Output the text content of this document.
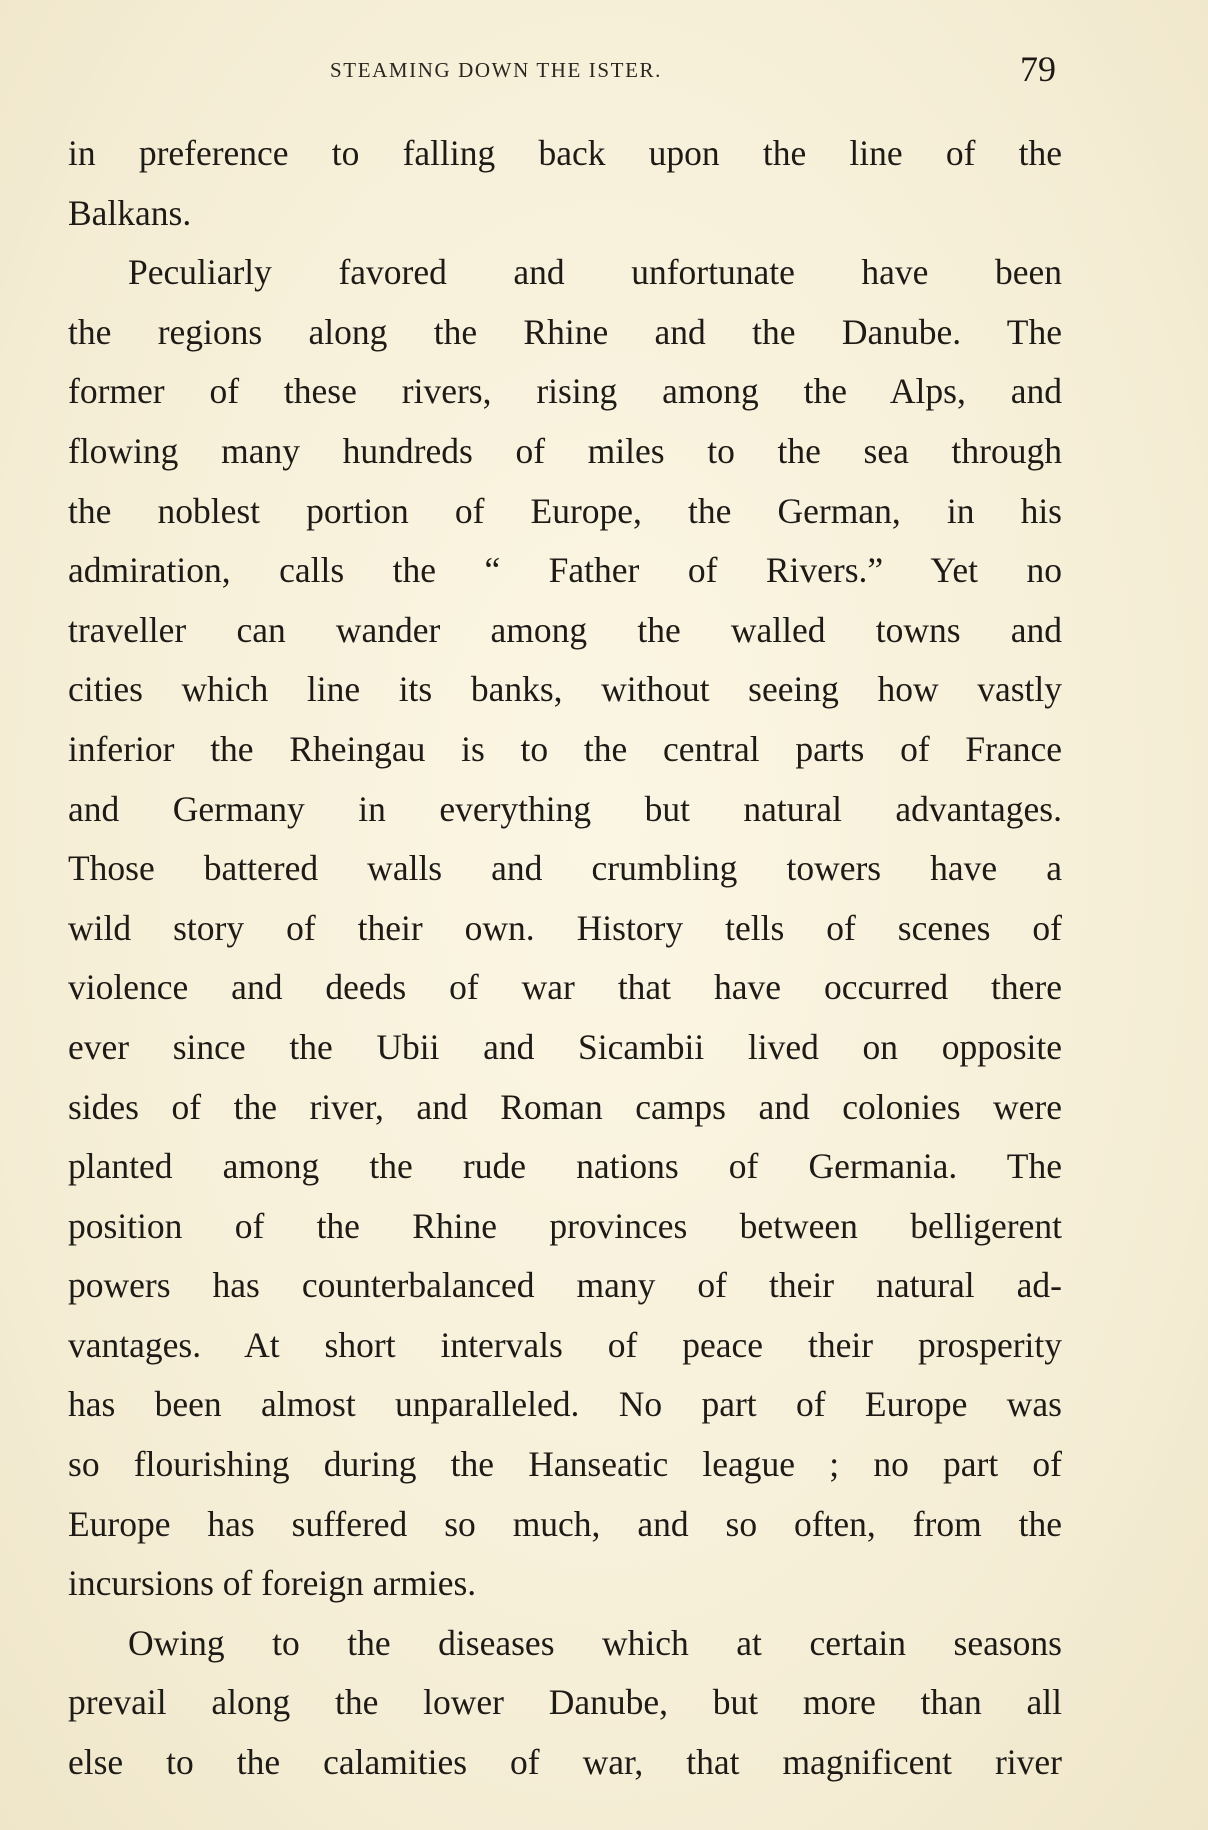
STEAMING DOWN THE ISTER.	79
in preference to falling back upon the line of the
Balkans.
Peculiarly favored and unfortunate have been
the regions along the Rhine and the Danube. The
former of these rivers, rising among the Alps, and
flowing many hundreds of miles to the sea through
the noblest portion of Europe, the German, in his
admiration, calls the “ Father of Rivers.” Yet no
traveller can wander among the walled towns and
cities which line its banks, without seeing how vastly
inferior the Rheingau is to the central parts of France
and Germany in everything but natural advantages.
Those battered walls and crumbling towers have a
wild story of their own. History tells of scenes of
violence and deeds of war that have occurred there
ever since the Ubii and Sicambii lived on opposite
sides of the river, and Roman camps and colonies were
planted among the rude nations of Germania. The
position of the Rhine provinces between belligerent
powers has counterbalanced many of their natural ad-
vantages. At short intervals of peace their prosperity
has been almost unparalleled. No part of Europe was
so flourishing during the Hanseatic league ; no part of
Europe has suffered so much, and so often, from the
incursions of foreign armies.
Owing to the diseases which at certain seasons
prevail along the lower Danube, but more than all
else to the calamities of war, that magnificent river
